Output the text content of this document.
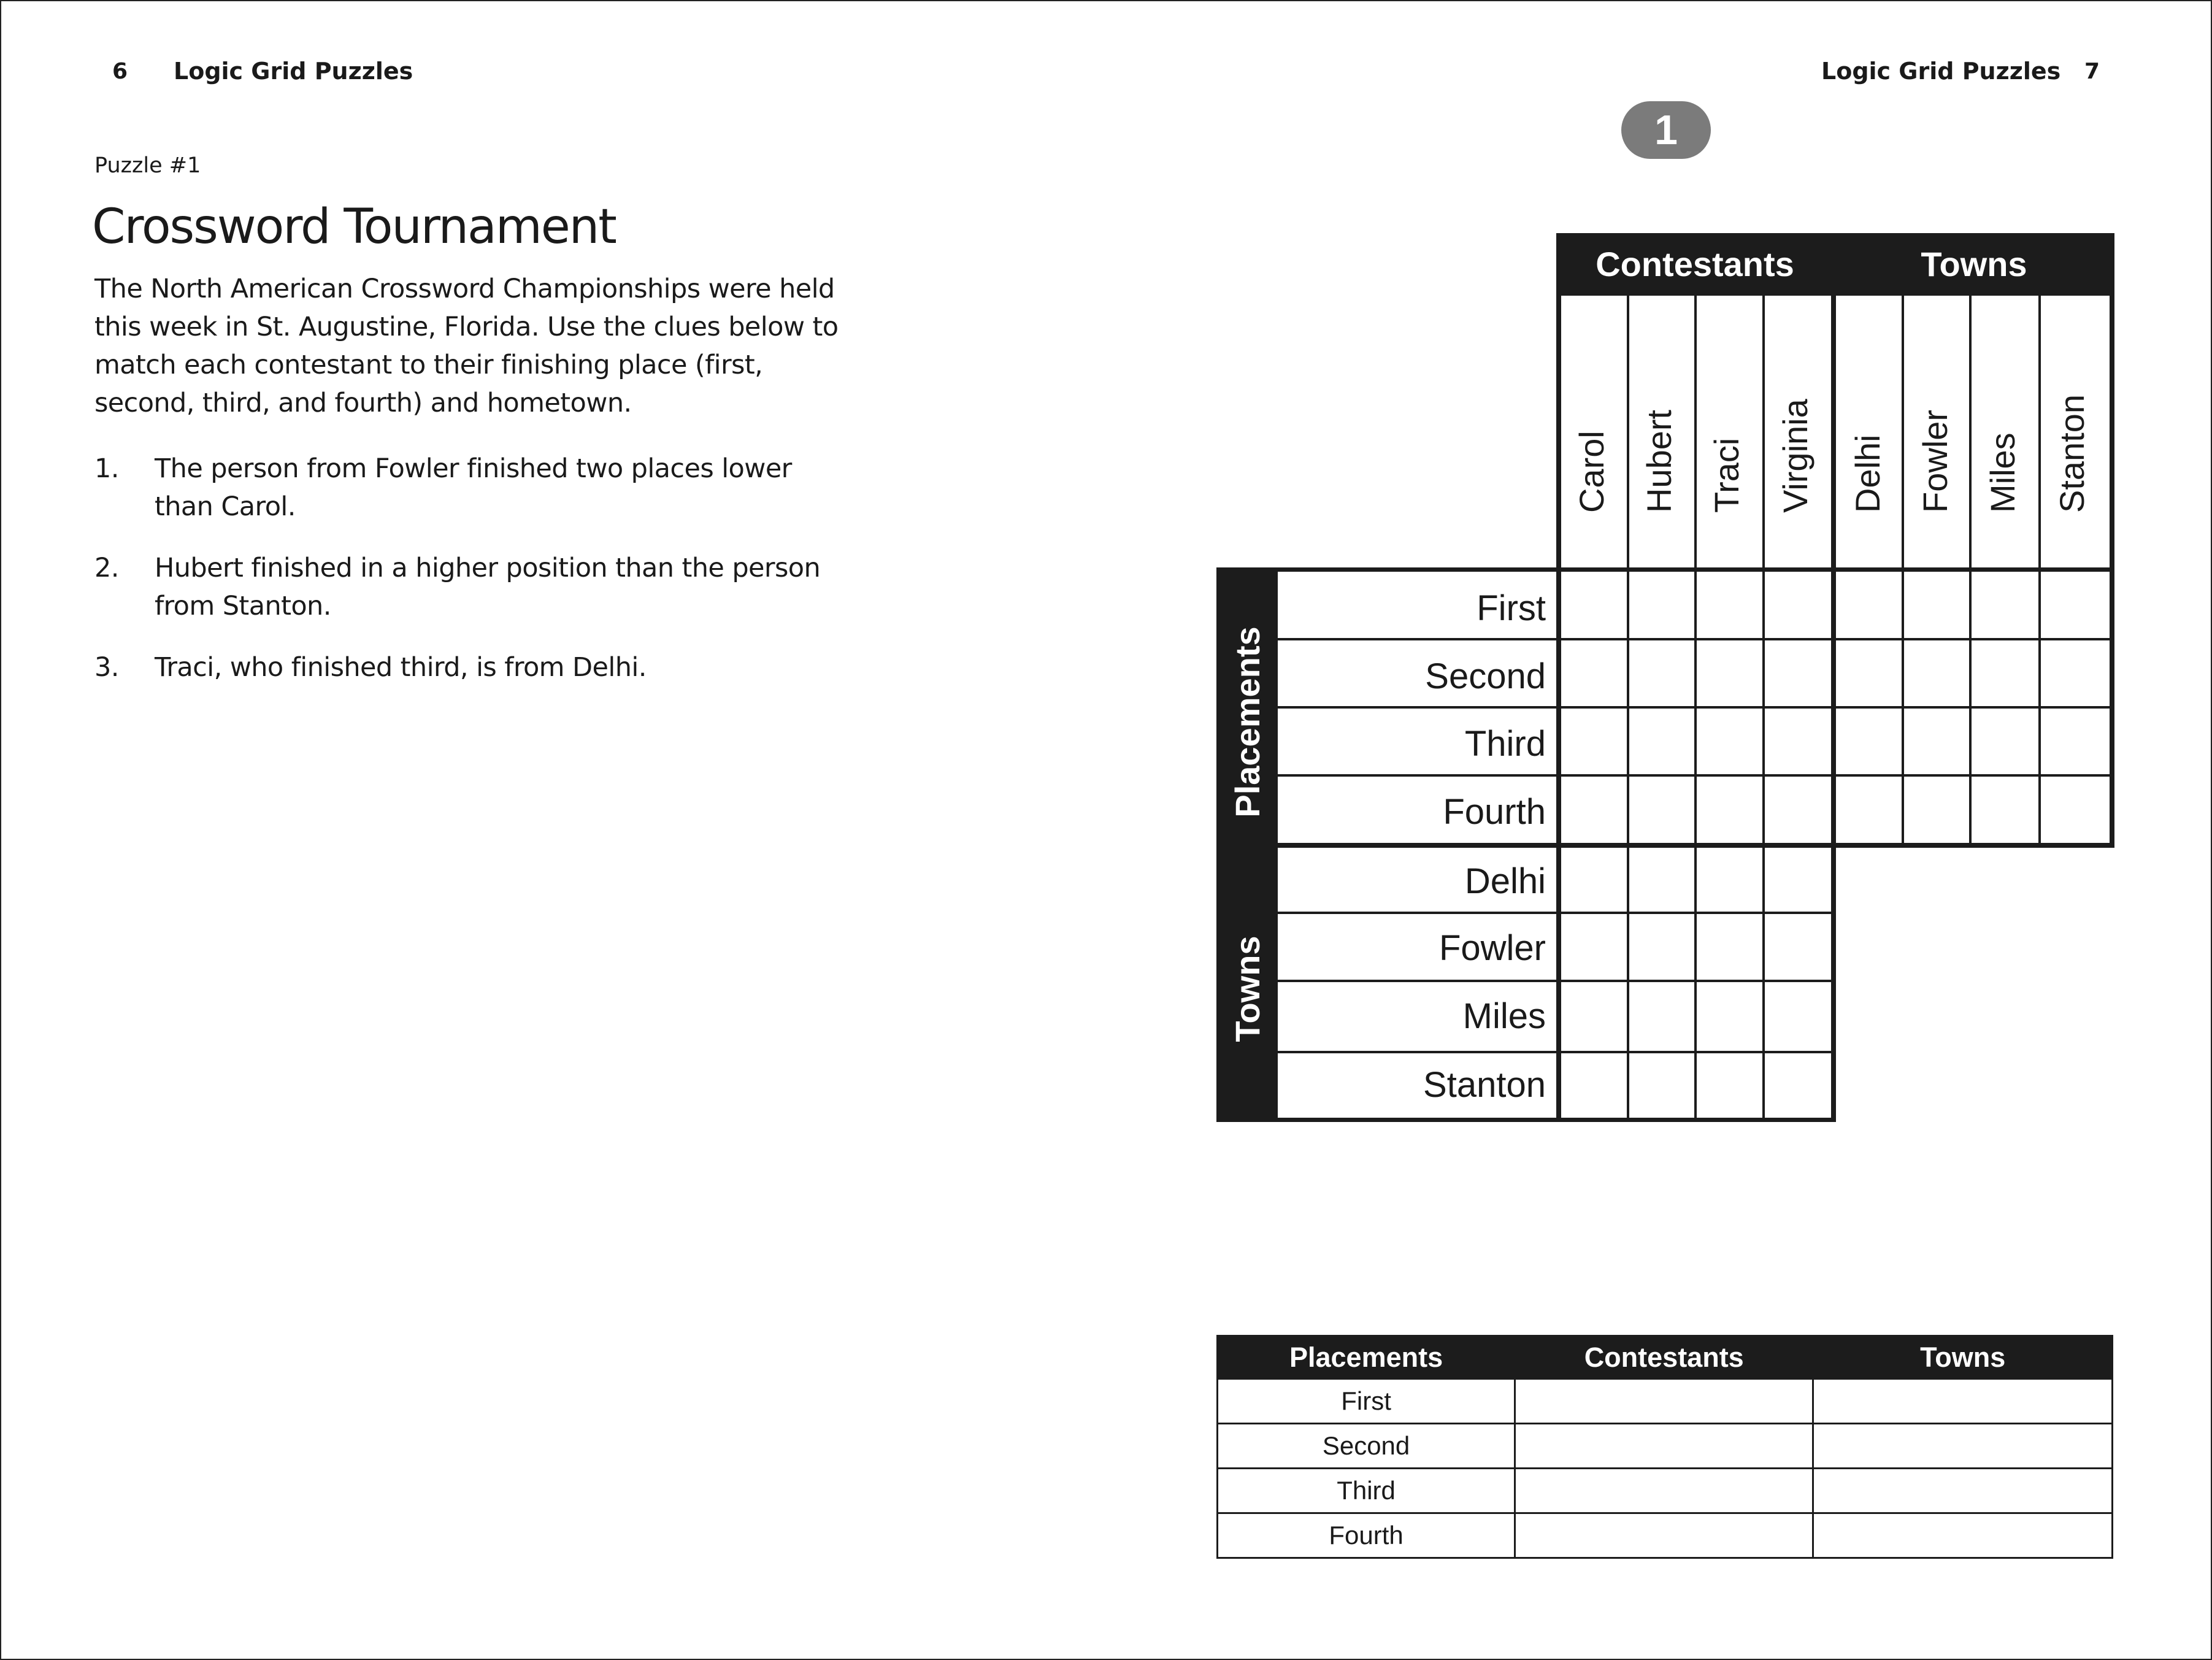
6 Logic Grid Puzzles	Logic Grid Puzzles 7
Puzzle #1
Crossword Tournament
The North American Crossword Championships were held this week in St. Augustine, Florida. Use the clues below to match each contestant to their finishing place (first, second, third, and fourth) and hometown.
1.	The person from Fowler finished two places lower than Carol.
2.	Hubert finished in a higher position than the person from Stanton.
3.	Traci, who finished third, is from Delhi.
1
Contestants	Towns
Placements
Towns
Carol Hubert Traci Virginia Delhi Fowler Miles Stanton
First
Second
Third
Fourth
Delhi
Fowler
Miles
Stanton
Placements	Contestants	Towns
First		
Second		
Third		
Fourth		
